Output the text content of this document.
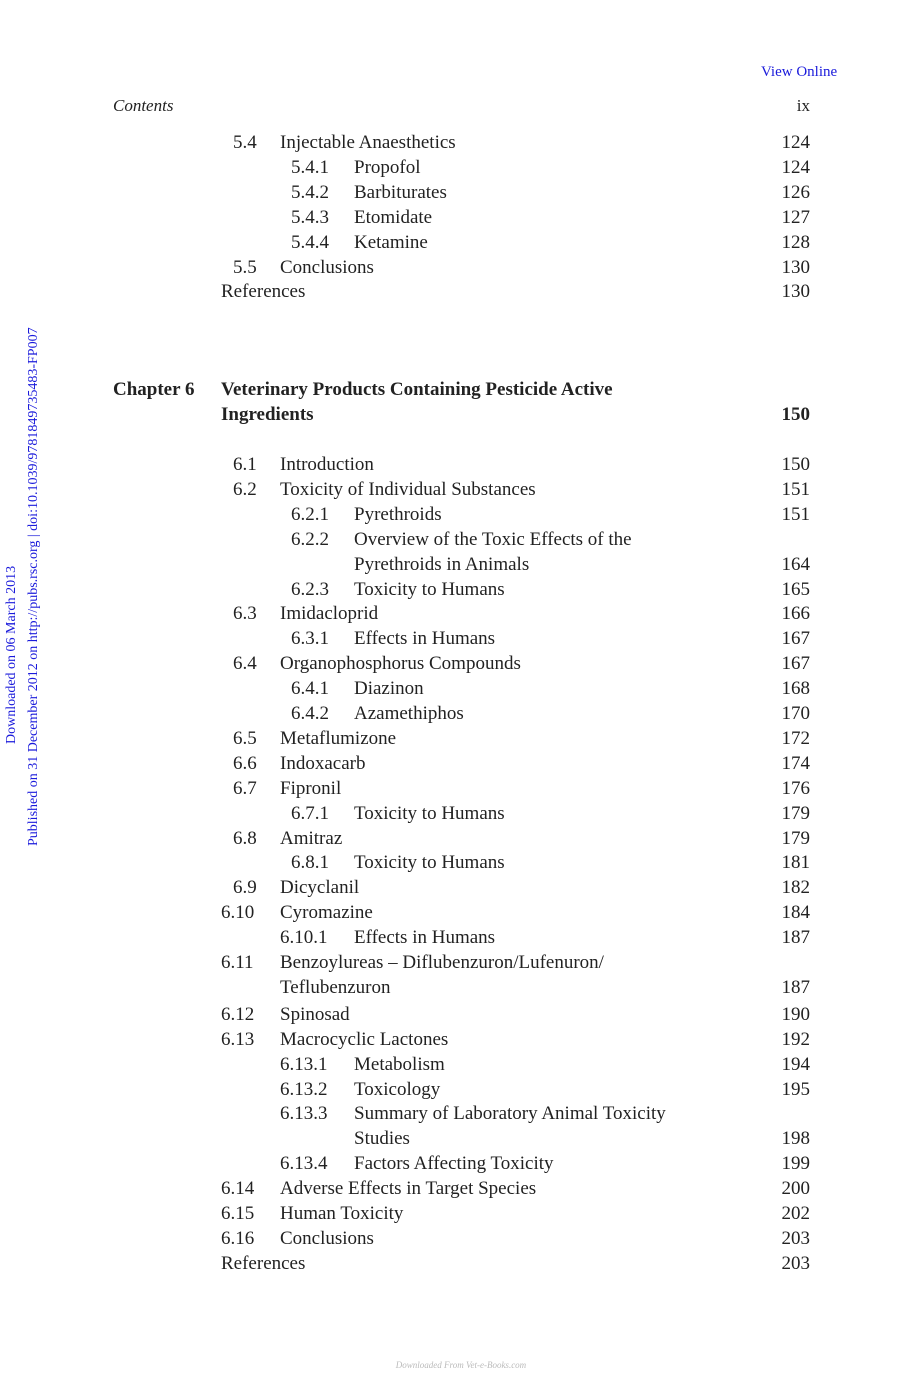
View Online
Contents	ix
Downloaded on 06 March 2013 Published on 31 December 2012 on http://pubs.rsc.org | doi:10.1039/9781849735483-FP007
5.4 Injectable Anaesthetics	124
5.4.1 Propofol	124
5.4.2 Barbiturates	126
5.4.3 Etomidate	127
5.4.4 Ketamine	128
5.5 Conclusions	130
References	130
Chapter 6 Veterinary Products Containing Pesticide Active Ingredients	150
6.1 Introduction	150
6.2 Toxicity of Individual Substances	151
6.2.1 Pyrethroids	151
6.2.2 Overview of the Toxic Effects of the
Pyrethroids in Animals	164
6.2.3 Toxicity to Humans	165
6.3 Imidacloprid	166
6.3.1 Effects in Humans	167
6.4 Organophosphorus Compounds	167
6.4.1 Diazinon	168
6.4.2 Azamethiphos	170
6.5 Metaflumizone	172
6.6 Indoxacarb	174
6.7 Fipronil	176
6.7.1 Toxicity to Humans	179
6.8 Amitraz	179
6.8.1 Toxicity to Humans	181
6.9 Dicyclanil	182
6.10 Cyromazine	184
6.10.1 Effects in Humans	187
6.11 Benzoylureas – Diflubenzuron/Lufenuron/
Teflubenzuron	187
6.12 Spinosad	190
6.13 Macrocyclic Lactones	192
6.13.1 Metabolism	194
6.13.2 Toxicology	195
6.13.3 Summary of Laboratory Animal Toxicity
Studies	198
6.13.4 Factors Affecting Toxicity	199
6.14 Adverse Effects in Target Species	200
6.15 Human Toxicity	202
6.16 Conclusions	203
References	203
Downloaded From Vet-e-Books.com
